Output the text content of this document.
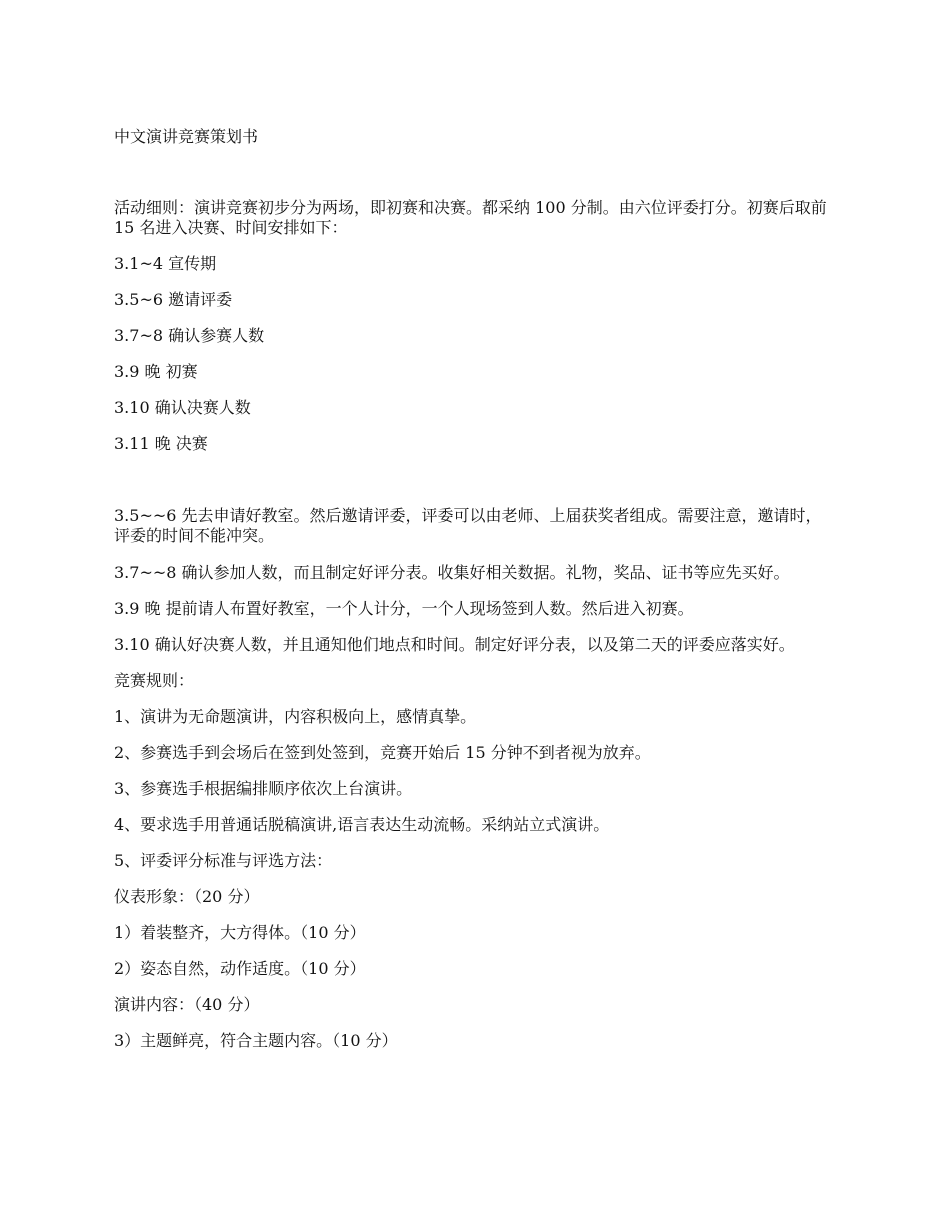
中文演讲竞赛策划书

活动细则：演讲竞赛初步分为两场，即初赛和决赛。都采纳 100 分制。由六位评委打分。初赛后取前 15 名进入决赛、时间安排如下：

3.1~4 宣传期

3.5~6 邀请评委

3.7~8 确认参赛人数

3.9 晚 初赛

3.10 确认决赛人数

3.11 晚 决赛

3.5~~6 先去申请好教室。然后邀请评委，评委可以由老师、上届获奖者组成。需要注意，邀请时，评委的时间不能冲突。

3.7~~8 确认参加人数，而且制定好评分表。收集好相关数据。礼物，奖品、证书等应先买好。

3.9 晚 提前请人布置好教室，一个人计分，一个人现场签到人数。然后进入初赛。

3.10 确认好决赛人数，并且通知他们地点和时间。制定好评分表，以及第二天的评委应落实好。

竞赛规则：

1、演讲为无命题演讲，内容积极向上，感情真挚。

2、参赛选手到会场后在签到处签到，竞赛开始后 15 分钟不到者视为放弃。

3、参赛选手根据编排顺序依次上台演讲。

4、要求选手用普通话脱稿演讲,语言表达生动流畅。采纳站立式演讲。

5、评委评分标准与评选方法：

仪表形象：（20 分）

1）着装整齐，大方得体。（10 分）

2）姿态自然，动作适度。（10 分）

演讲内容：（40 分）

3）主题鲜亮，符合主题内容。（10 分）
